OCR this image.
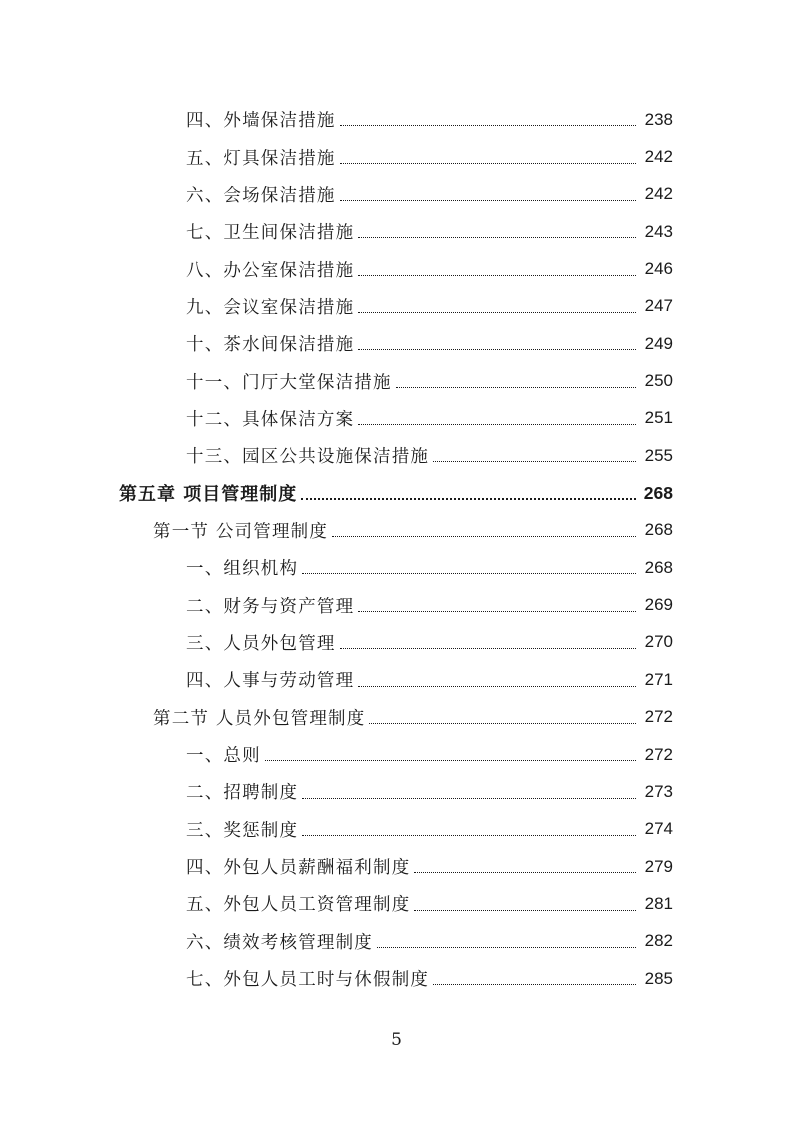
四、外墙保洁措施	238
五、灯具保洁措施	242
六、会场保洁措施	242
七、卫生间保洁措施	243
八、办公室保洁措施	246
九、会议室保洁措施	247
十、茶水间保洁措施	249
十一、门厅大堂保洁措施	250
十二、具体保洁方案	251
十三、园区公共设施保洁措施	255
第五章 项目管理制度	268
第一节 公司管理制度	268
一、组织机构	268
二、财务与资产管理	269
三、人员外包管理	270
四、人事与劳动管理	271
第二节 人员外包管理制度	272
一、总则	272
二、招聘制度	273
三、奖惩制度	274
四、外包人员薪酬福利制度	279
五、外包人员工资管理制度	281
六、绩效考核管理制度	282
七、外包人员工时与休假制度	285
5
